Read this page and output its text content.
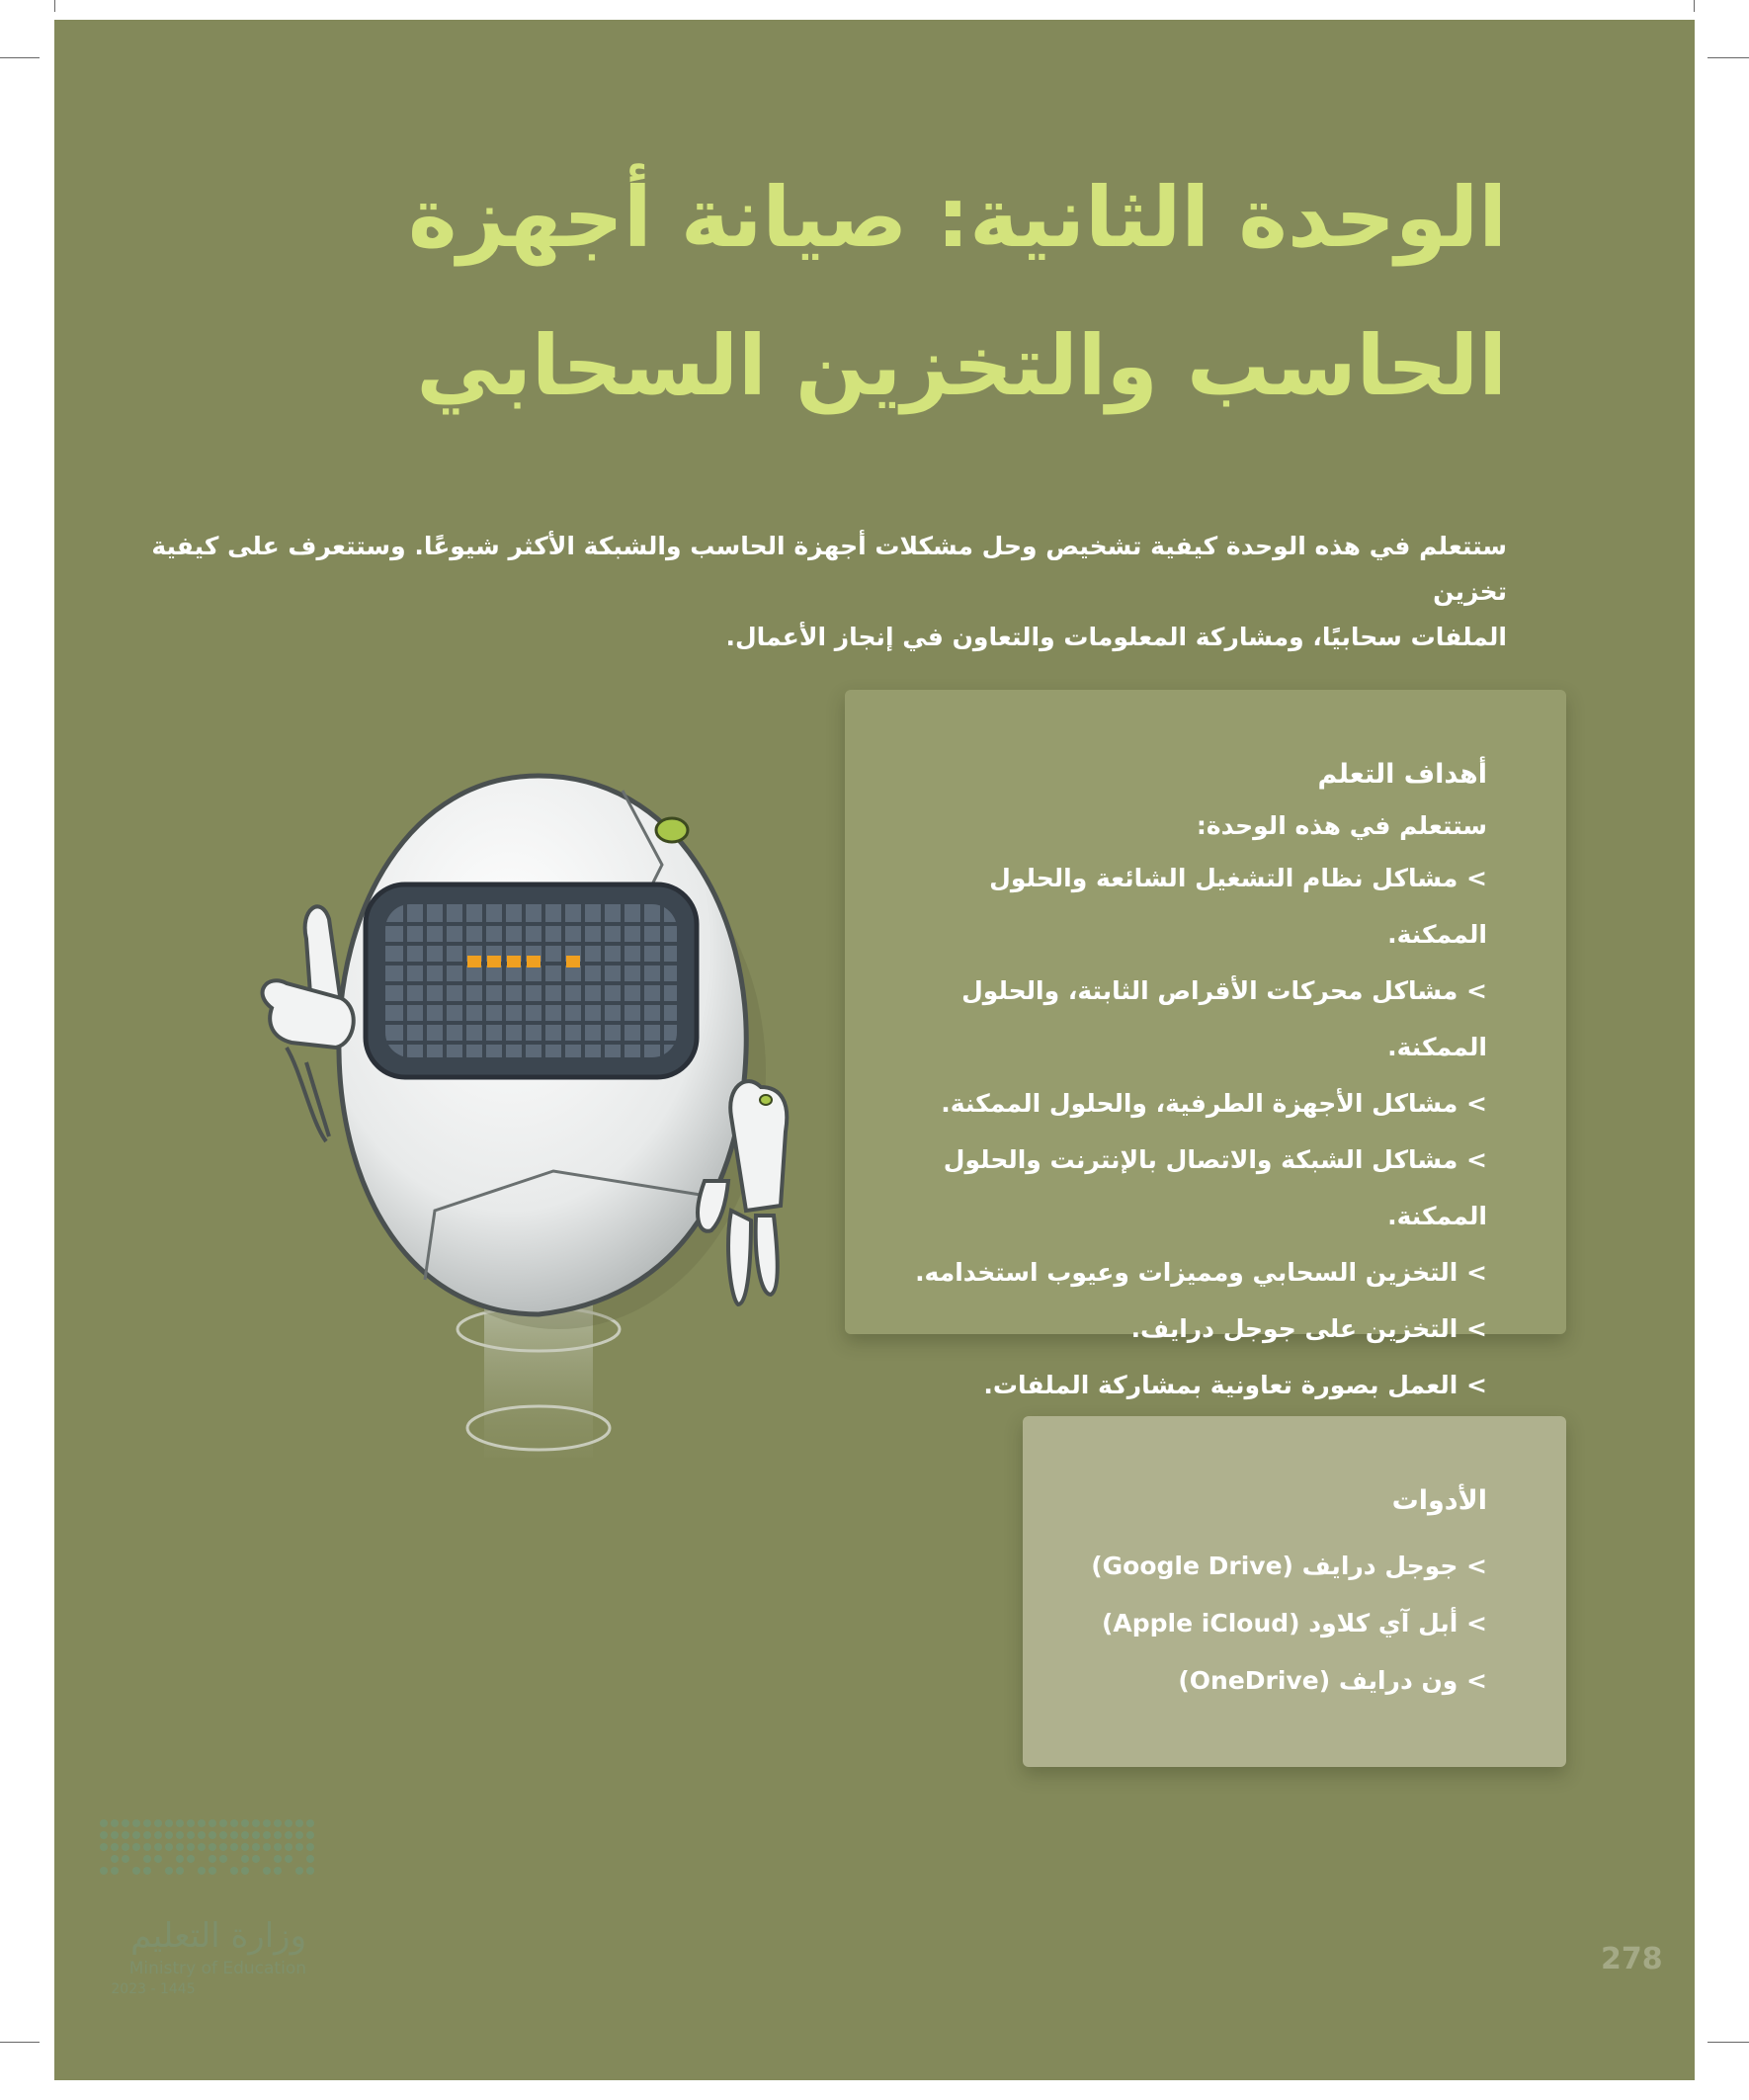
الوحدة الثانية: صيانة أجهزة
الحاسب والتخزين السحابي

ستتعلم في هذه الوحدة كيفية تشخيص وحل مشكلات أجهزة الحاسب والشبكة الأكثر شيوعًا. وستتعرف على كيفية تخزين
الملفات سحابيًا، ومشاركة المعلومات والتعاون في إنجاز الأعمال.

أهداف التعلم
ستتعلم في هذه الوحدة:
> مشاكل نظام التشغيل الشائعة والحلول الممكنة.
> مشاكل محركات الأقراص الثابتة، والحلول الممكنة.
> مشاكل الأجهزة الطرفية، والحلول الممكنة.
> مشاكل الشبكة والاتصال بالإنترنت والحلول الممكنة.
> التخزين السحابي ومميزات وعيوب استخدامه.
> التخزين على جوجل درايف.
> العمل بصورة تعاونية بمشاركة الملفات.
الأدوات
> جوجل درايف (Google Drive)
> أبل آي كلاود (Apple iCloud)
> ون درايف (OneDrive)
وزارة التعليم
Ministry of Education
2023 - 1445
278
